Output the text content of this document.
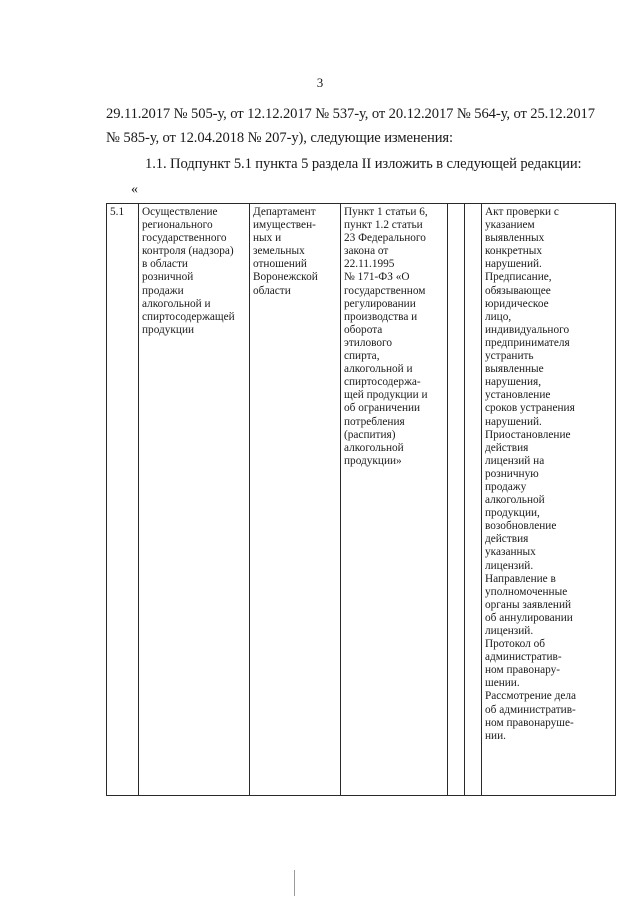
3
29.11.2017 № 505-у, от 12.12.2017 № 537-у, от 20.12.2017 № 564-у, от 25.12.2017
№ 585-у, от 12.04.2018 № 207-у), следующие изменения:
1.1. Подпункт 5.1 пункта 5 раздела II изложить в следующей редакции:
«
5.1	Осуществление
регионального
государственного
контроля (надзора)
в области
розничной
продажи
алкогольной и
спиртосодержащей
продукции	Департамент
имуществен-
ных и
земельных
отношений
Воронежской
области	Пункт 1 статьи 6,
пункт 1.2 статьи
23 Федерального
закона от
22.11.1995
№ 171-ФЗ «О
государственном
регулировании
производства и
оборота
этилового
спирта,
алкогольной и
спиртосодержа-
щей продукции и
об ограничении
потребления
(распития)
алкогольной
продукции»			Акт проверки с
указанием
выявленных
конкретных
нарушений.
Предписание,
обязывающее
юридическое
лицо,
индивидуального
предпринимателя
устранить
выявленные
нарушения,
установление
сроков устранения
нарушений.
Приостановление
действия
лицензий на
розничную
продажу
алкогольной
продукции,
возобновление
действия
указанных
лицензий.
Направление в
уполномоченные
органы заявлений
об аннулировании
лицензий.
Протокол об
административ-
ном правонару-
шении.
Рассмотрение дела
об административ-
ном правонаруше-
нии.
